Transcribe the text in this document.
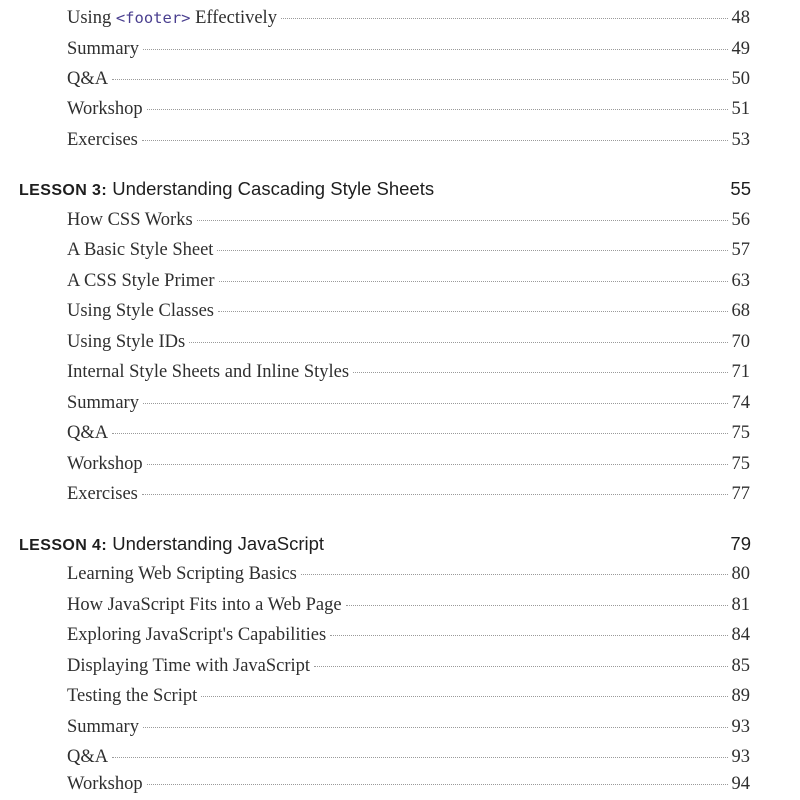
Using <footer> Effectively	48
Summary	49
Q&A	50
Workshop	51
Exercises	53
LESSON 3: Understanding Cascading Style Sheets	55
How CSS Works	56
A Basic Style Sheet	57
A CSS Style Primer	63
Using Style Classes	68
Using Style IDs	70
Internal Style Sheets and Inline Styles	71
Summary	74
Q&A	75
Workshop	75
Exercises	77
LESSON 4: Understanding JavaScript	79
Learning Web Scripting Basics	80
How JavaScript Fits into a Web Page	81
Exploring JavaScript's Capabilities	84
Displaying Time with JavaScript	85
Testing the Script	89
Summary	93
Q&A	93
Workshop	94
